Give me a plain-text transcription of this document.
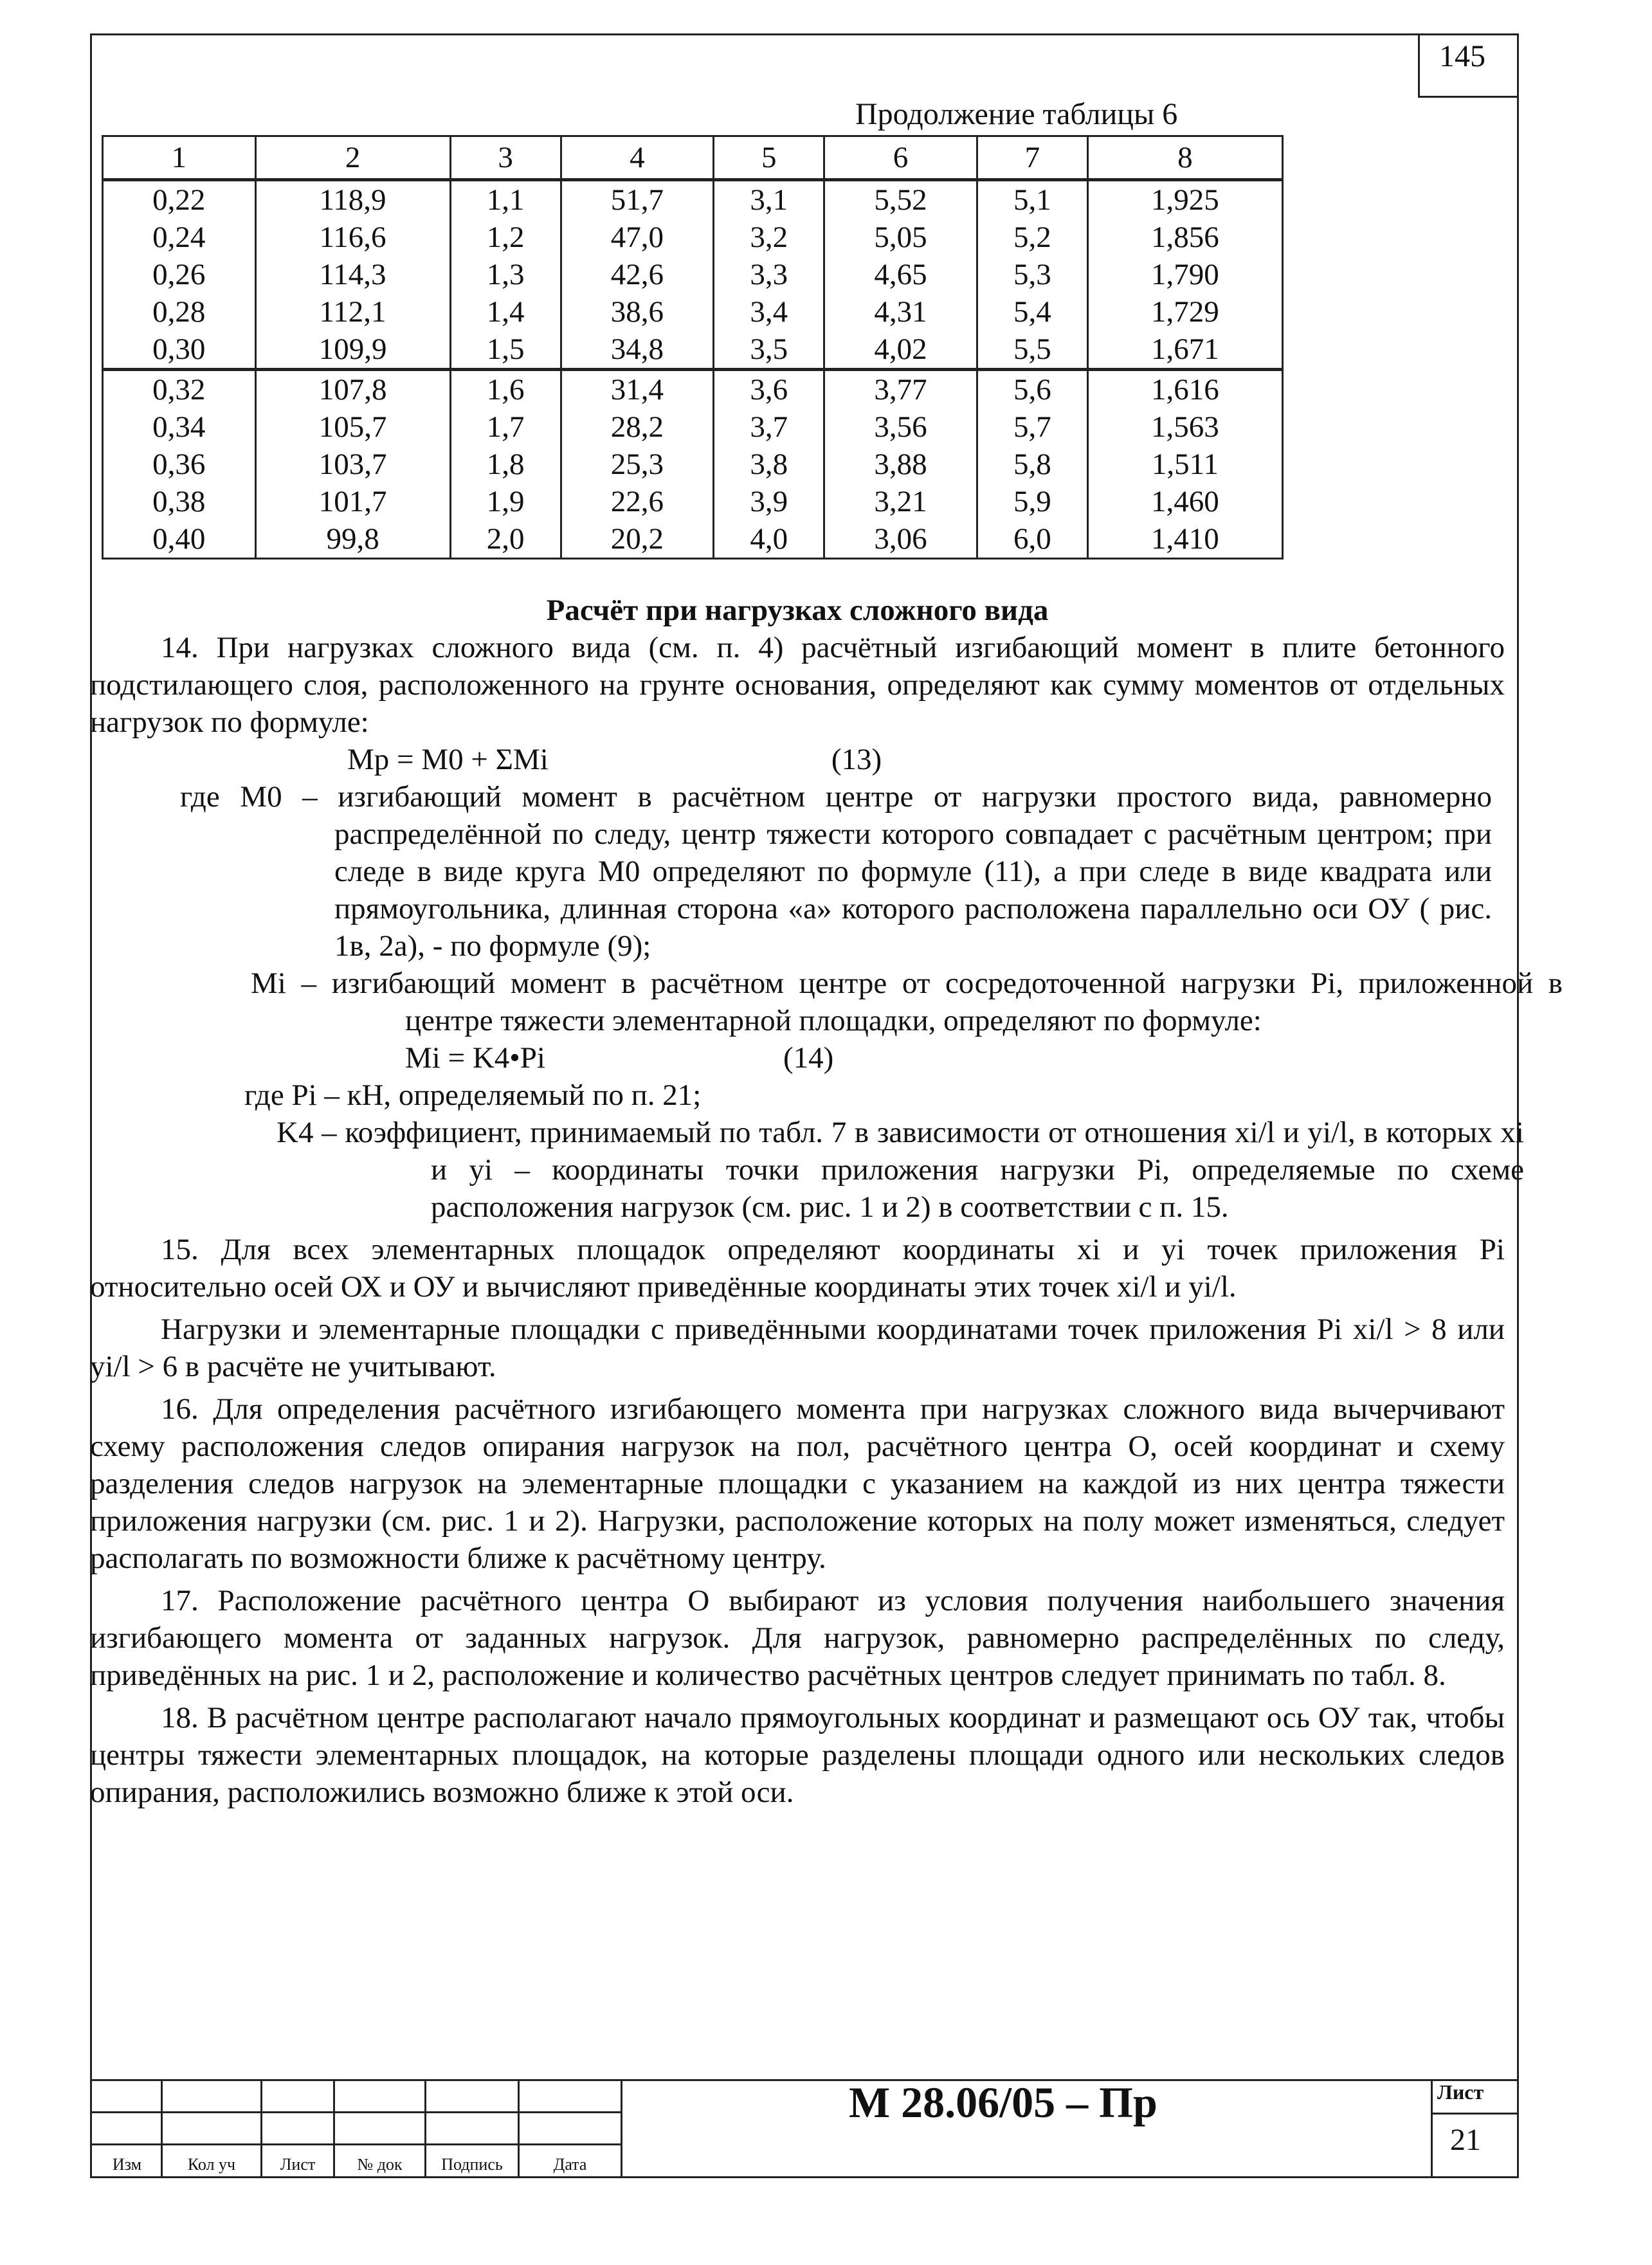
145
Продолжение таблицы 6
1	2	3	4	5	6	7	8
0,22	118,9	1,1	51,7	3,1	5,52	5,1	1,925
0,24	116,6	1,2	47,0	3,2	5,05	5,2	1,856
0,26	114,3	1,3	42,6	3,3	4,65	5,3	1,790
0,28	112,1	1,4	38,6	3,4	4,31	5,4	1,729
0,30	109,9	1,5	34,8	3,5	4,02	5,5	1,671
0,32	107,8	1,6	31,4	3,6	3,77	5,6	1,616
0,34	105,7	1,7	28,2	3,7	3,56	5,7	1,563
0,36	103,7	1,8	25,3	3,8	3,88	5,8	1,511
0,38	101,7	1,9	22,6	3,9	3,21	5,9	1,460
0,40	99,8	2,0	20,2	4,0	3,06	6,0	1,410
Расчёт при нагрузках сложного вида
14. При нагрузках сложного вида (см. п. 4) расчётный изгибающий момент в плите бетонного подстилающего слоя, расположенного на грунте основания, определяют как сумму моментов от отдельных нагрузок по формуле:
Mp = M0 + ΣMi	(13)
где M0 – изгибающий момент в расчётном центре от нагрузки простого вида, равномерно распределённой по следу, центр тяжести которого совпадает с расчётным центром; при следе в виде круга M0 определяют по формуле (11), а при следе в виде квадрата или прямоугольника, длинная сторона «а» которого расположена параллельно оси ОУ ( рис. 1в, 2а), - по формуле (9);
Mi – изгибающий момент в расчётном центре от сосредоточенной нагрузки Pi, приложенной в центре тяжести элементарной площадки, определяют по формуле:
Mi = K4•Pi	(14)
где Pi – кН, определяемый по п. 21;
K4 – коэффициент, принимаемый по табл. 7 в зависимости от отношения xi/l и yi/l, в которых xi и yi – координаты точки приложения нагрузки Pi, определяемые по схеме расположения нагрузок (см. рис. 1 и 2) в соответствии с п. 15.
15. Для всех элементарных площадок определяют координаты xi и yi точек приложения Pi относительно осей ОХ и ОУ и вычисляют приведённые координаты этих точек xi/l и yi/l.
Нагрузки и элементарные площадки с приведёнными координатами точек приложения Pi xi/l > 8 или yi/l > 6 в расчёте не учитывают.
16. Для определения расчётного изгибающего момента при нагрузках сложного вида вычерчивают схему расположения следов опирания нагрузок на пол, расчётного центра О, осей координат и схему разделения следов нагрузок на элементарные площадки с указанием на каждой из них центра тяжести приложения нагрузки (см. рис. 1 и 2). Нагрузки, расположение которых на полу может изменяться, следует располагать по возможности ближе к расчётному центру.
17. Расположение расчётного центра О выбирают из условия получения наибольшего значения изгибающего момента от заданных нагрузок. Для нагрузок, равномерно распределённых по следу, приведённых на рис. 1 и 2, расположение и количество расчётных центров следует принимать по табл. 8.
18. В расчётном центре располагают начало прямоугольных координат и размещают ось ОУ так, чтобы центры тяжести элементарных площадок, на которые разделены площади одного или нескольких следов опирания, расположились возможно ближе к этой оси.
Изм	Кол уч	Лист	№ док	Подпись	Дата
М 28.06/05 – Пр	Лист
21
